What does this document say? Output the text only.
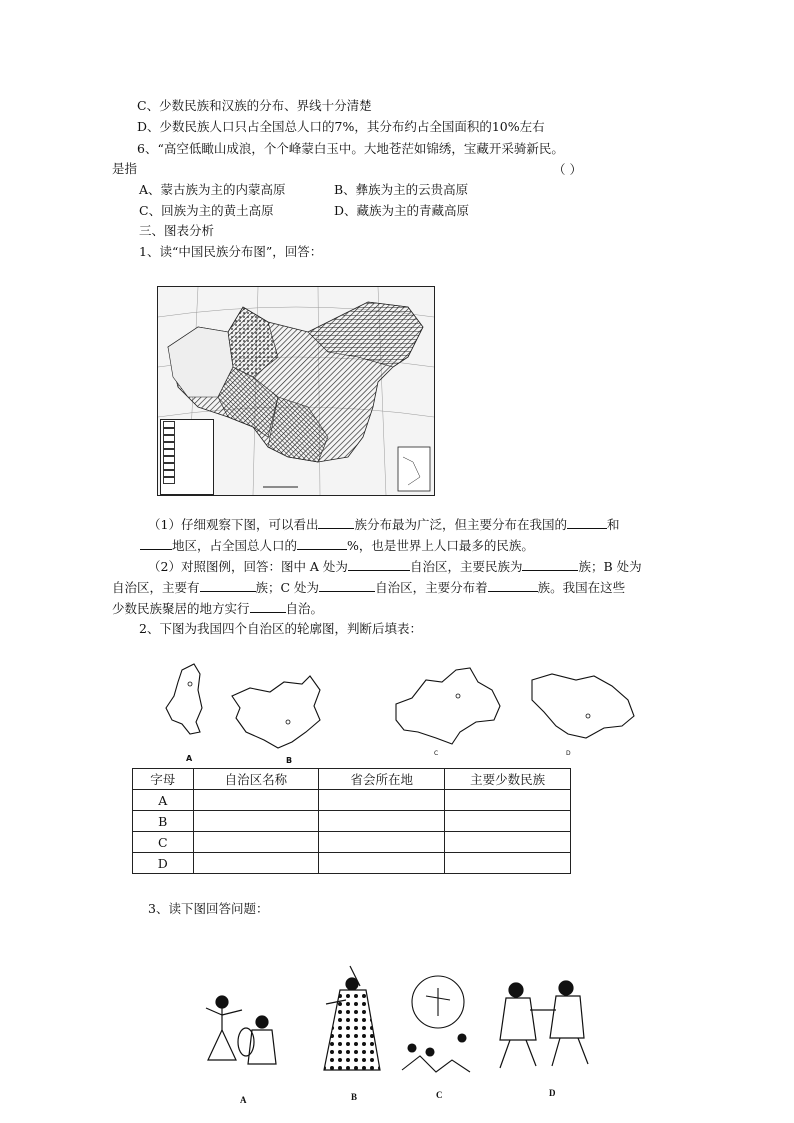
C、少数民族和汉族的分布、界线十分清楚
D、少数民族人口只占全国总人口的7%，其分布约占全国面积的10%左右
6、“高空低瞰山成浪，个个峰蒙白玉中。大地苍茫如锦绣，宝藏开采骑新民。
是指	（ ）
A、蒙古族为主的内蒙高原	B、彝族为主的云贵高原
C、回族为主的黄土高原	D、藏族为主的青藏高原
三、图表分析
1、读“中国民族分布图”，回答：
（1）仔细观察下图，可以看出	族分布最为广泛，但主要分布在我国的	和
地区，占全国总人口的	%，也是世界上人口最多的民族。
（2）对照图例，回答：图中 A 处为	自治区，主要民族为	族；B 处为
自治区，主要有	族；C 处为	自治区，主要分布着	族。我国在这些
少数民族聚居的地方实行	自治。
2、下图为我国四个自治区的轮廓图，判断后填表：
A	B
C	D
字母	自治区名称	省会所在地	主要少数民族
A			
B			
C			
D			
3、读下图回答问题：
A	B	C	D
